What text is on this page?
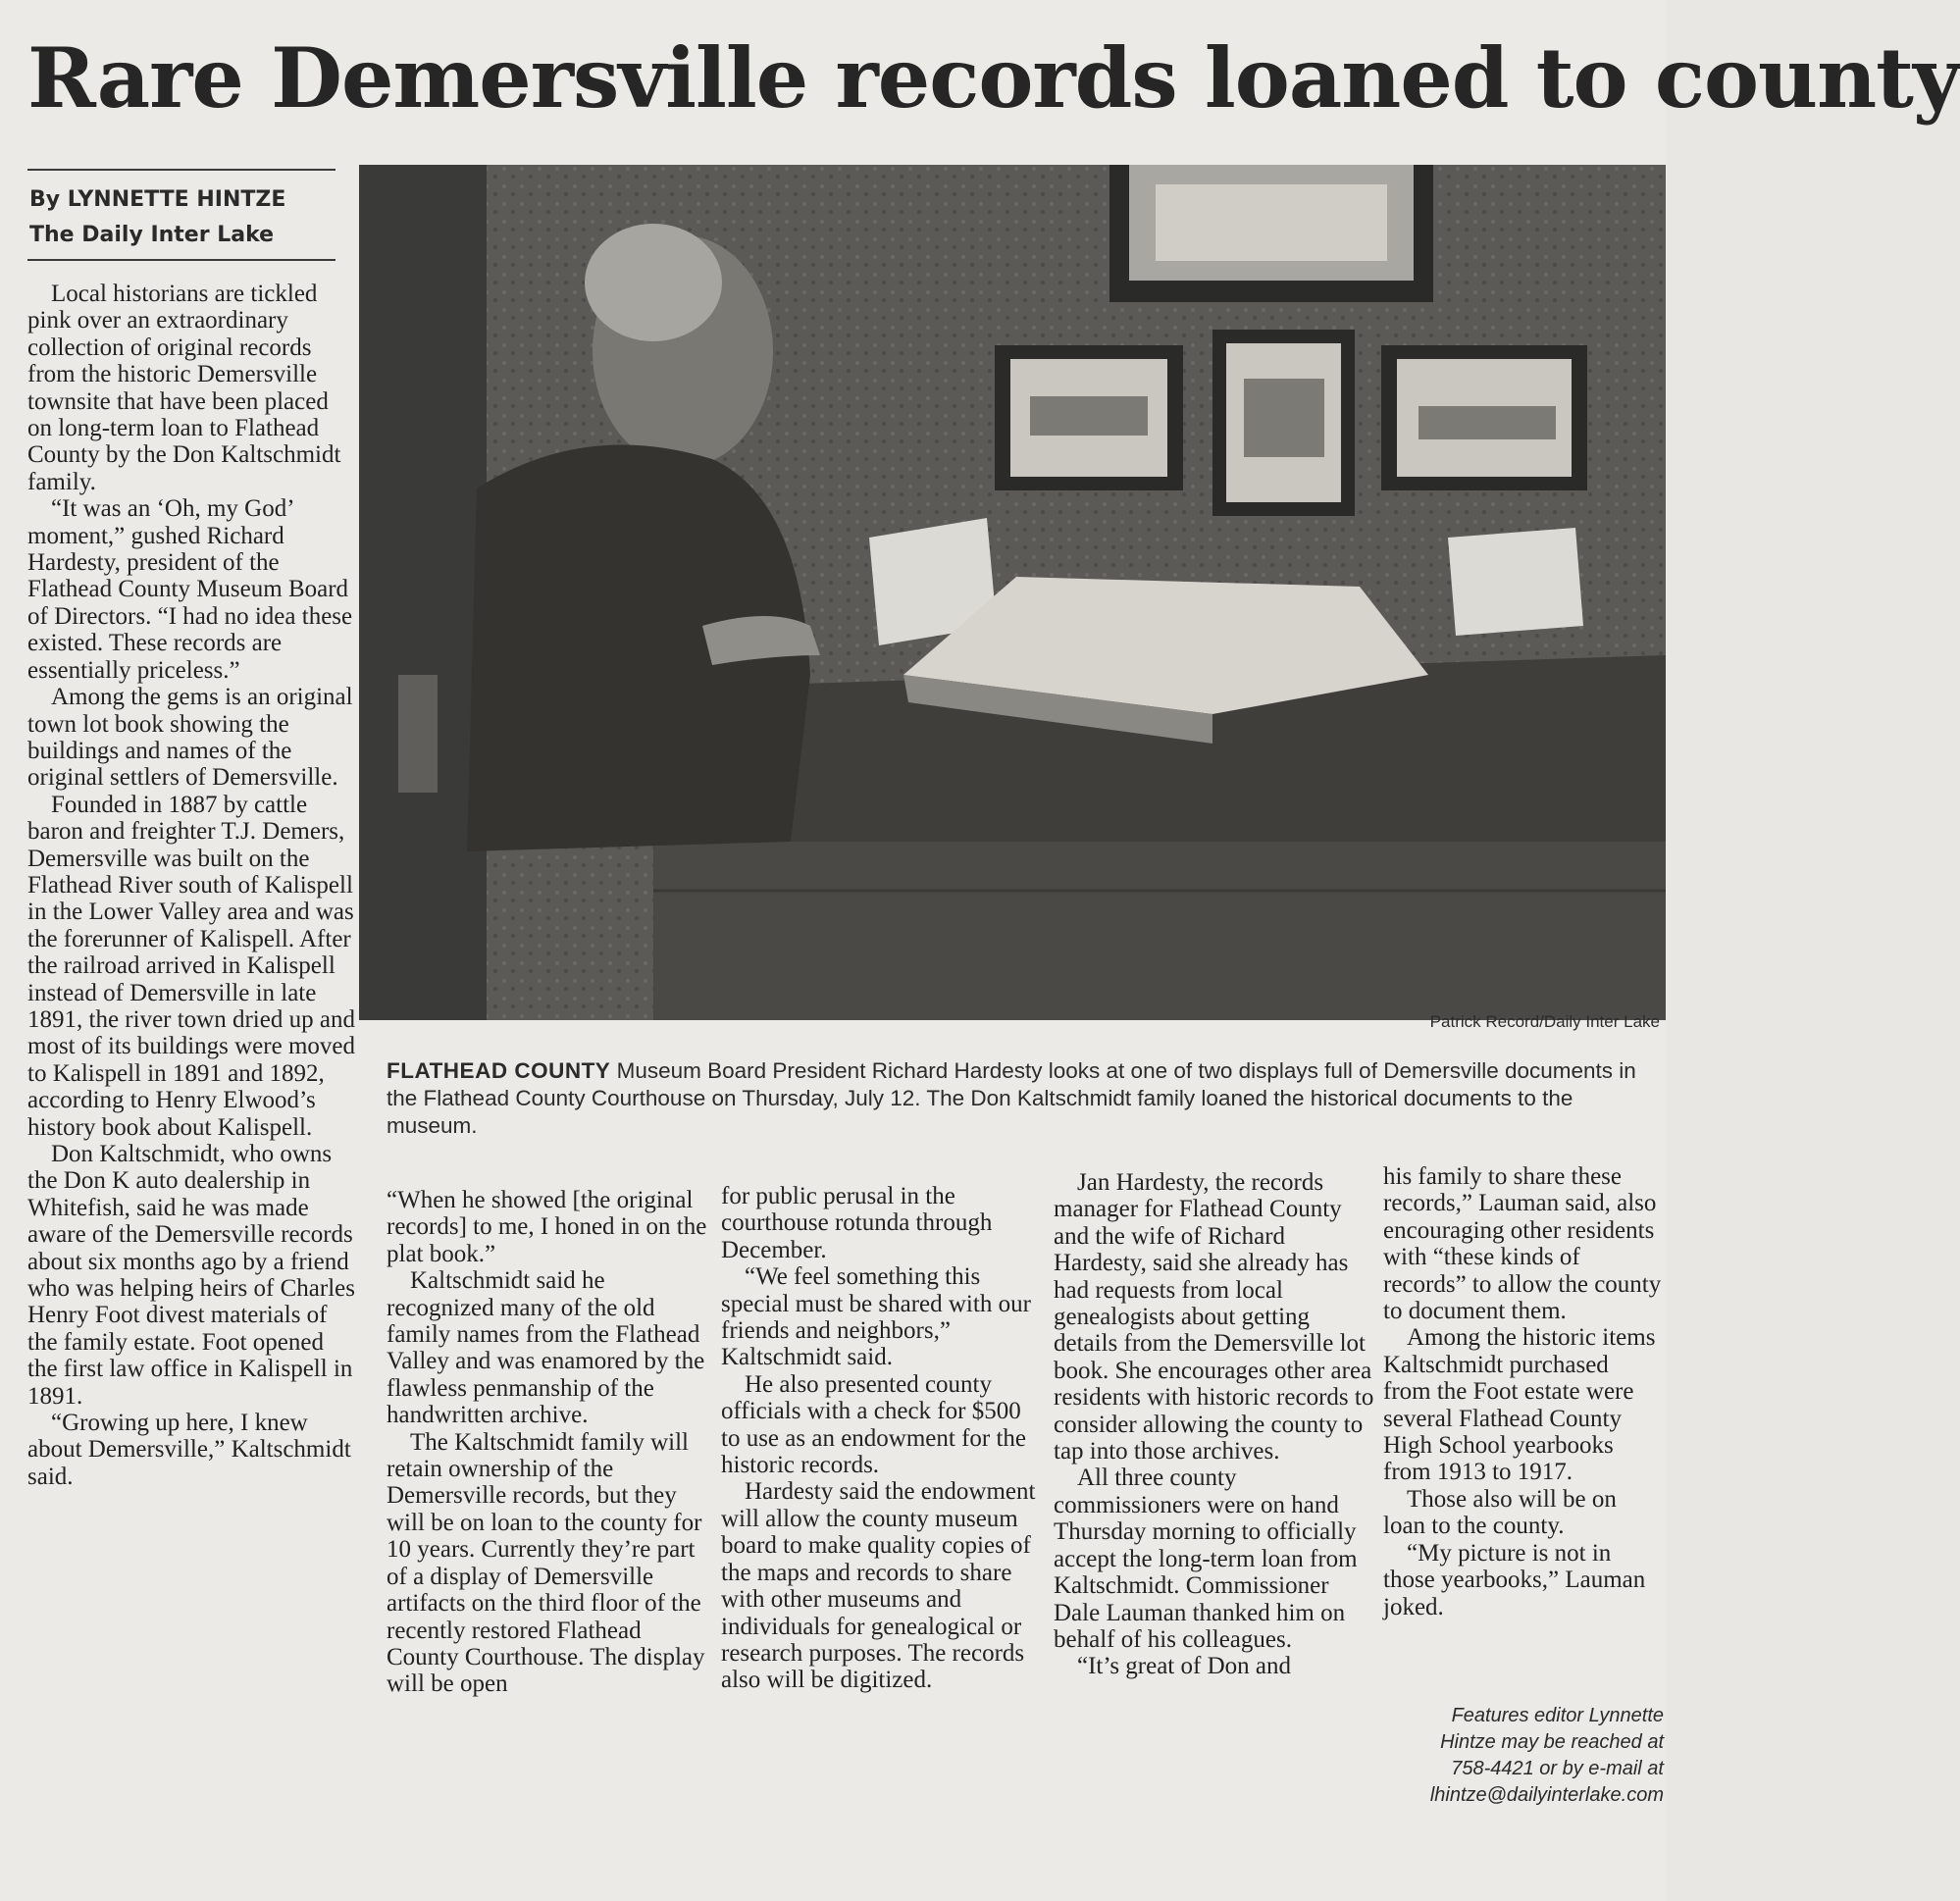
Rare Demersville records loaned to county
By LYNNETTE HINTZE
The Daily Inter Lake
Patrick Record/Daily Inter Lake
FLATHEAD COUNTY Museum Board President Richard Hardesty looks at one of two displays full of Demersville documents in the Flathead County Courthouse on Thursday, July 12. The Don Kaltschmidt family loaned the historical documents to the museum.

Local historians are tickled pink over an extraordinary collection of original records from the historic Demersville townsite that have been placed on long-term loan to Flathead County by the Don Kaltschmidt family.

“It was an ‘Oh, my God’ moment,” gushed Richard Hardesty, president of the Flathead County Museum Board of Directors. “I had no idea these existed. These records are essentially priceless.”

Among the gems is an original town lot book showing the buildings and names of the original settlers of Demersville.

Founded in 1887 by cattle baron and freighter T.J. Demers, Demersville was built on the Flathead River south of Kalispell in the Lower Valley area and was the forerunner of Kalispell. After the railroad arrived in Kalispell instead of Demersville in late 1891, the river town dried up and most of its buildings were moved to Kalispell in 1891 and 1892, according to Henry Elwood’s history book about Kalispell.

Don Kaltschmidt, who owns the Don K auto dealership in Whitefish, said he was made aware of the Demersville records about six months ago by a friend who was helping heirs of Charles Henry Foot divest materials of the family estate. Foot opened the first law office in Kalispell in 1891.

“Growing up here, I knew about Demersville,” Kaltschmidt said.

“When he showed [the original records] to me, I honed in on the plat book.”

Kaltschmidt said he recognized many of the old family names from the Flathead Valley and was enamored by the flawless penmanship of the handwritten archive.

The Kaltschmidt family will retain ownership of the Demersville records, but they will be on loan to the county for 10 years. Currently they’re part of a display of Demersville artifacts on the third floor of the recently restored Flathead County Courthouse. The display will be open

for public perusal in the courthouse rotunda through December.

“We feel something this special must be shared with our friends and neighbors,” Kaltschmidt said.

He also presented county officials with a check for $500 to use as an endowment for the historic records.

Hardesty said the endowment will allow the county museum board to make quality copies of the maps and records to share with other museums and individuals for genealogical or research purposes. The records also will be digitized.

Jan Hardesty, the records manager for Flathead County and the wife of Richard Hardesty, said she already has had requests from local genealogists about getting details from the Demersville lot book. She encourages other area residents with historic records to consider allowing the county to tap into those archives.

All three county commissioners were on hand Thursday morning to officially accept the long-term loan from Kaltschmidt. Commissioner Dale Lauman thanked him on behalf of his colleagues.

“It’s great of Don and

his family to share these records,” Lauman said, also encouraging other residents with “these kinds of records” to allow the county to document them.

Among the historic items Kaltschmidt purchased from the Foot estate were several Flathead County High School yearbooks from 1913 to 1917.

Those also will be on loan to the county.

“My picture is not in those yearbooks,” Lauman joked.

Features editor Lynnette
Hintze may be reached at
758-4421 or by e-mail at
lhintze@dailyinterlake.com
